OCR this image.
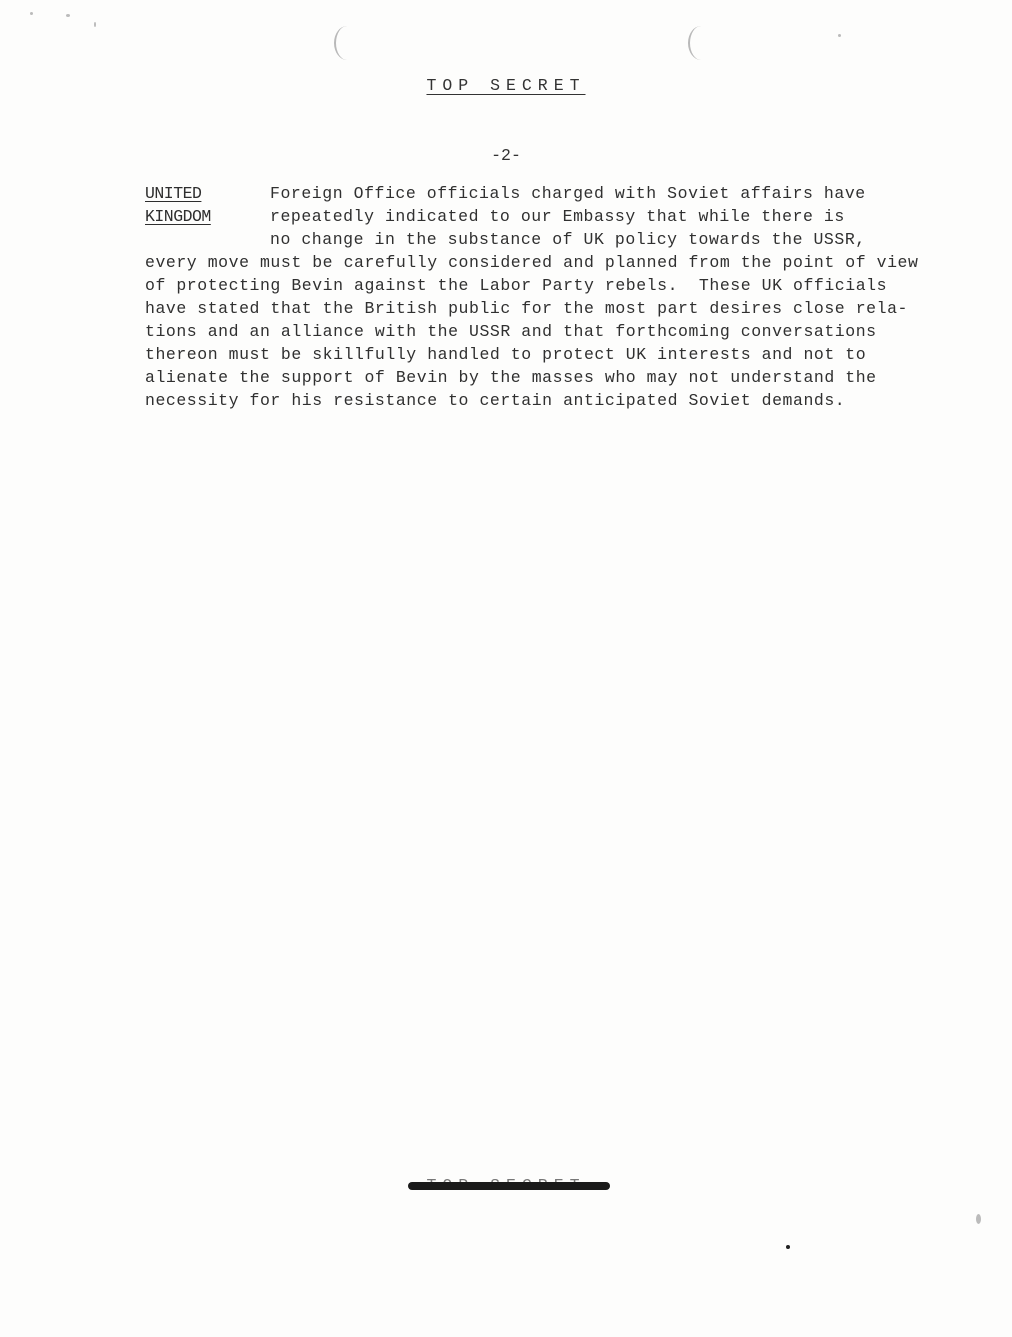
TOP SECRET
-2-
UNITED
KINGDOM
Foreign Office officials charged with Soviet affairs have
repeatedly indicated to our Embassy that while there is
no change in the substance of UK policy towards the USSR,
every move must be carefully considered and planned from the point of view
of protecting Bevin against the Labor Party rebels.  These UK officials
have stated that the British public for the most part desires close rela-
tions and an alliance with the USSR and that forthcoming conversations
thereon must be skillfully handled to protect UK interests and not to
alienate the support of Bevin by the masses who may not understand the
necessity for his resistance to certain anticipated Soviet demands.
